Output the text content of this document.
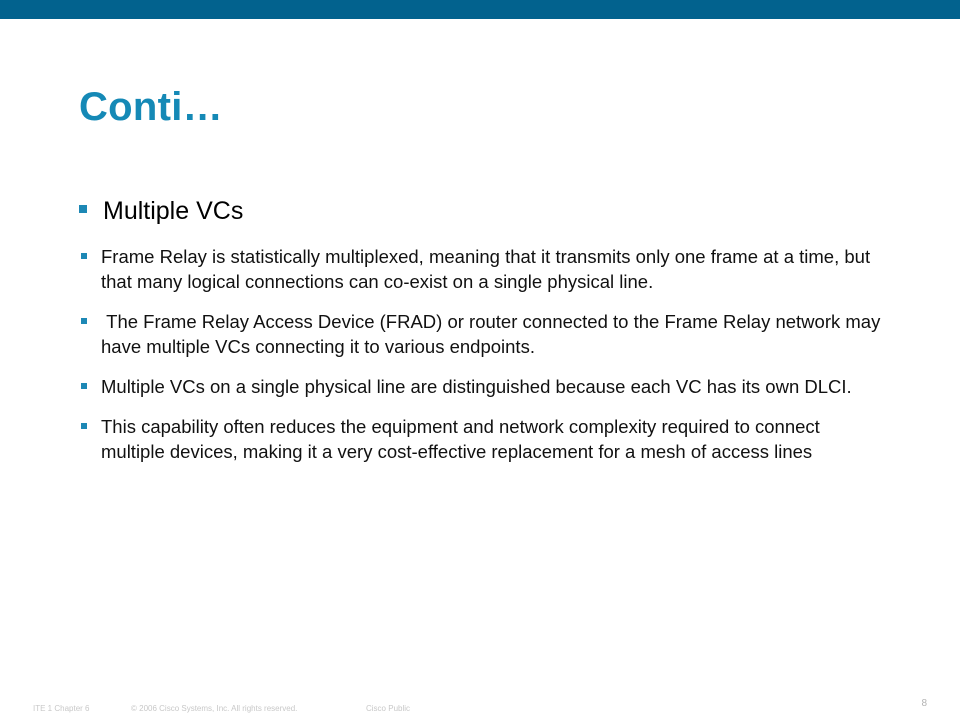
Conti…
Multiple VCs
Frame Relay is statistically multiplexed, meaning that it transmits only one frame at a time, but that many logical connections can co-exist on a single physical line.
The Frame Relay Access Device (FRAD) or router connected to the Frame Relay network may have multiple VCs connecting it to various endpoints.
Multiple VCs on a single physical line are distinguished because each VC has its own DLCI.
This capability often reduces the equipment and network complexity required to connect multiple devices, making it a very cost-effective replacement for a mesh of access lines
ITE 1 Chapter 6	© 2006 Cisco Systems, Inc. All rights reserved.	Cisco Public	8
